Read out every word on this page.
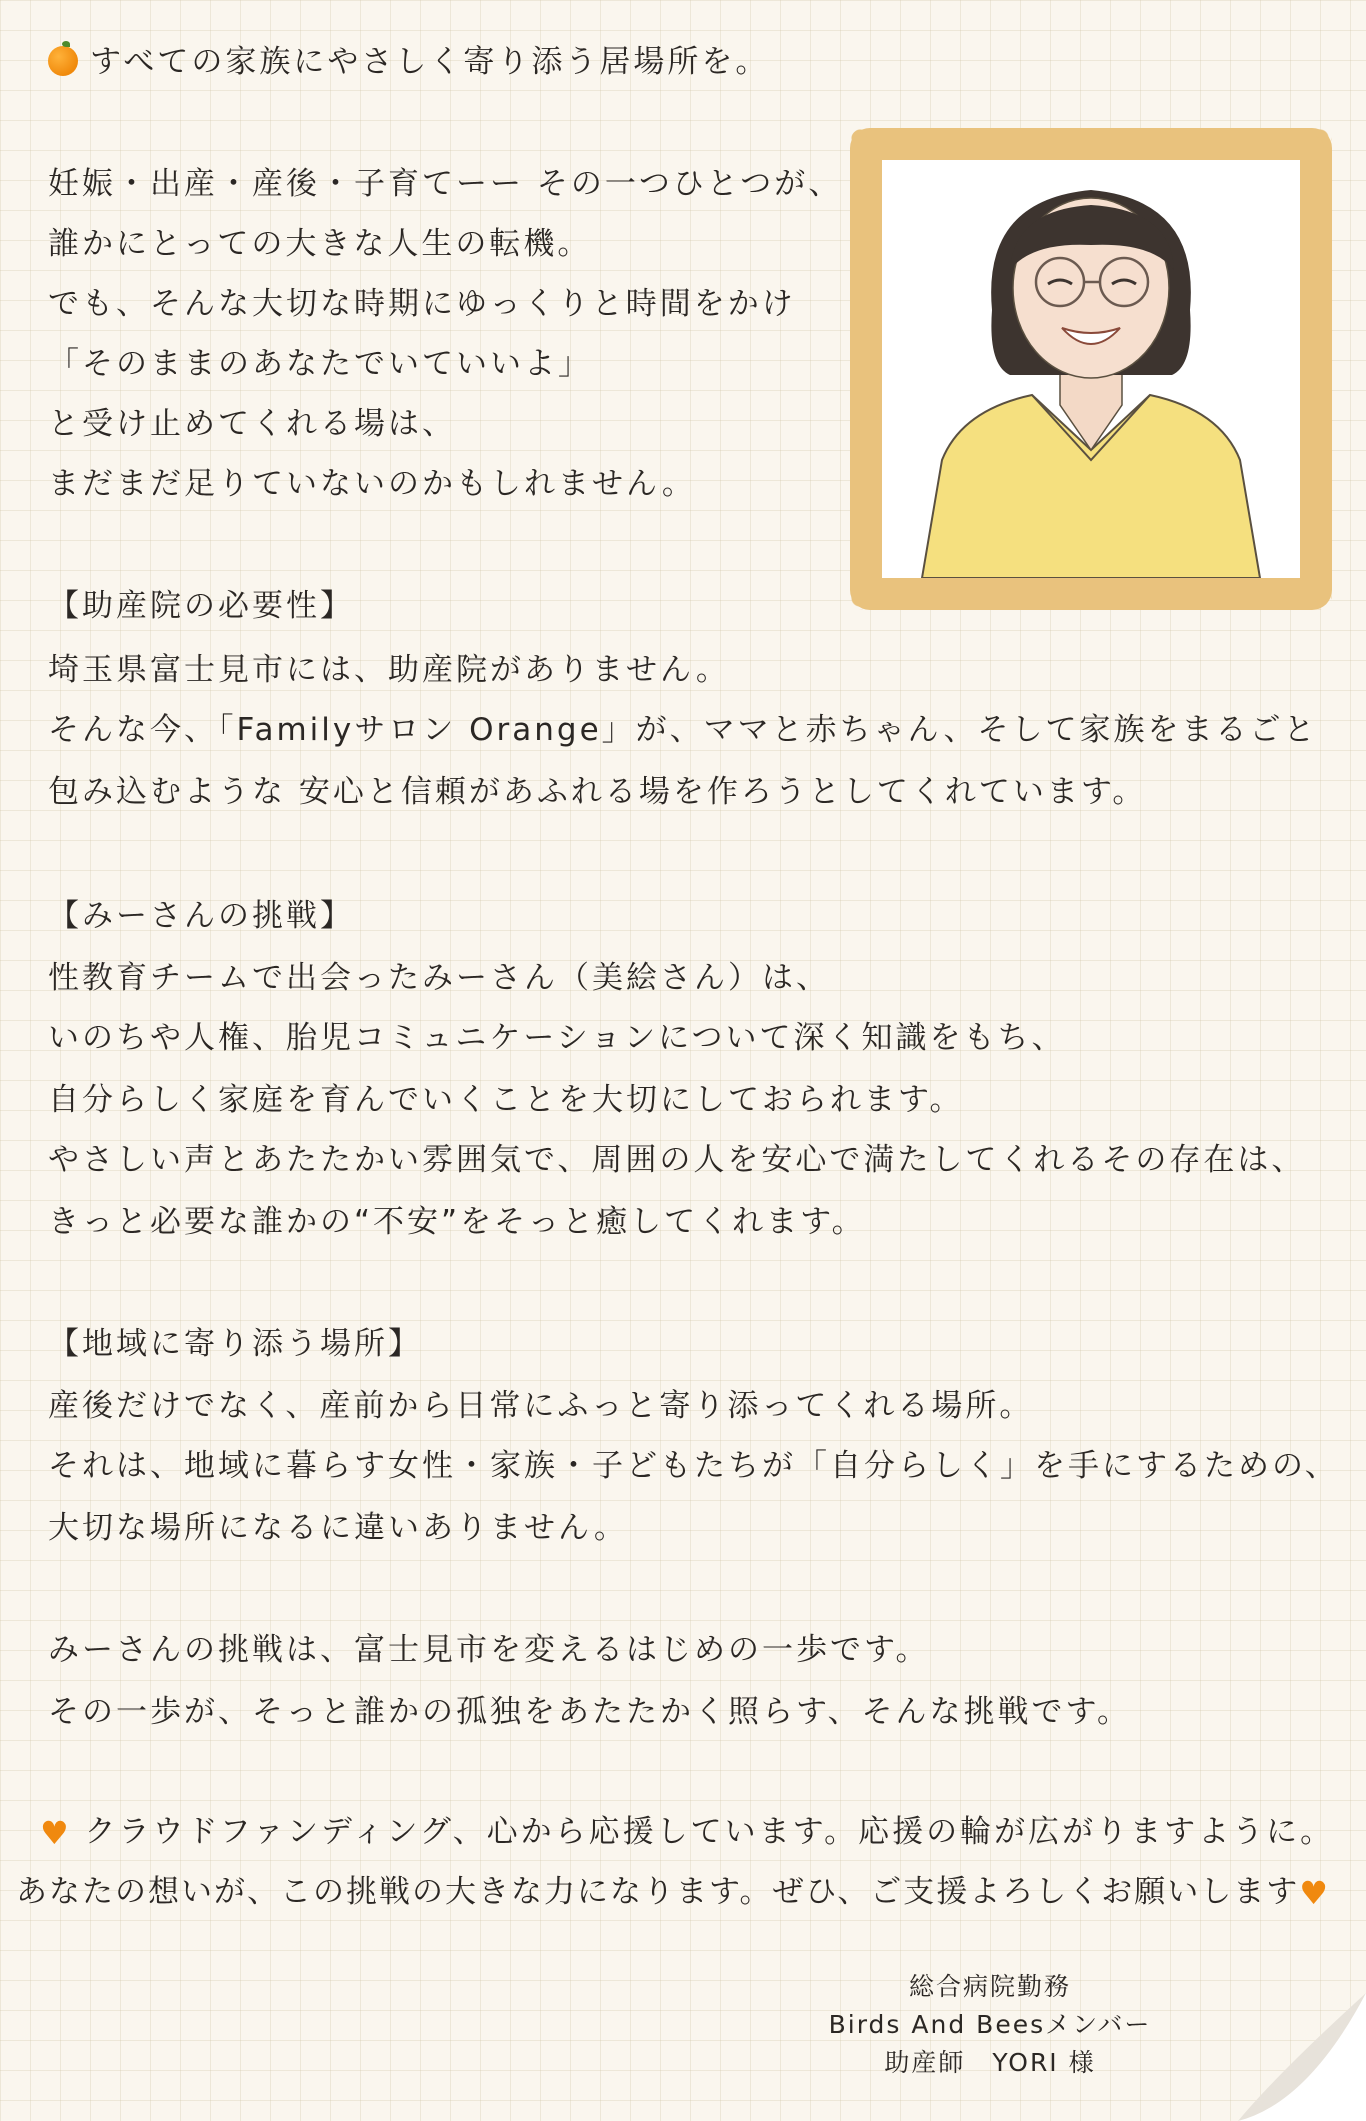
すべての家族にやさしく寄り添う居場所を。
妊娠・出産・産後・子育てーー その一つひとつが、
誰かにとっての大きな人生の転機。
でも、そんな大切な時期にゆっくりと時間をかけ
「そのままのあなたでいていいよ」
と受け止めてくれる場は、
まだまだ足りていないのかもしれません。
【助産院の必要性】
埼玉県富士見市には、助産院がありません。
そんな今、「Familyサロン Orange」が、ママと赤ちゃん、そして家族をまるごと
包み込むような 安心と信頼があふれる場を作ろうとしてくれています。
【みーさんの挑戦】
性教育チームで出会ったみーさん（美絵さん）は、
いのちや人権、胎児コミュニケーションについて深く知識をもち、
自分らしく家庭を育んでいくことを大切にしておられます。
やさしい声とあたたかい雰囲気で、周囲の人を安心で満たしてくれるその存在は、
きっと必要な誰かの“不安”をそっと癒してくれます。
【地域に寄り添う場所】
産後だけでなく、産前から日常にふっと寄り添ってくれる場所。
それは、地域に暮らす女性・家族・子どもたちが「自分らしく」を手にするための、
大切な場所になるに違いありません。
みーさんの挑戦は、富士見市を変えるはじめの一歩です。
その一歩が、そっと誰かの孤独をあたたかく照らす、そんな挑戦です。
♥ クラウドファンディング、心から応援しています。応援の輪が広がりますように。
あなたの想いが、この挑戦の大きな力になります。ぜひ、ご支援よろしくお願いします♥
総合病院勤務
Birds And Beesメンバー
助産師　YORI 様
